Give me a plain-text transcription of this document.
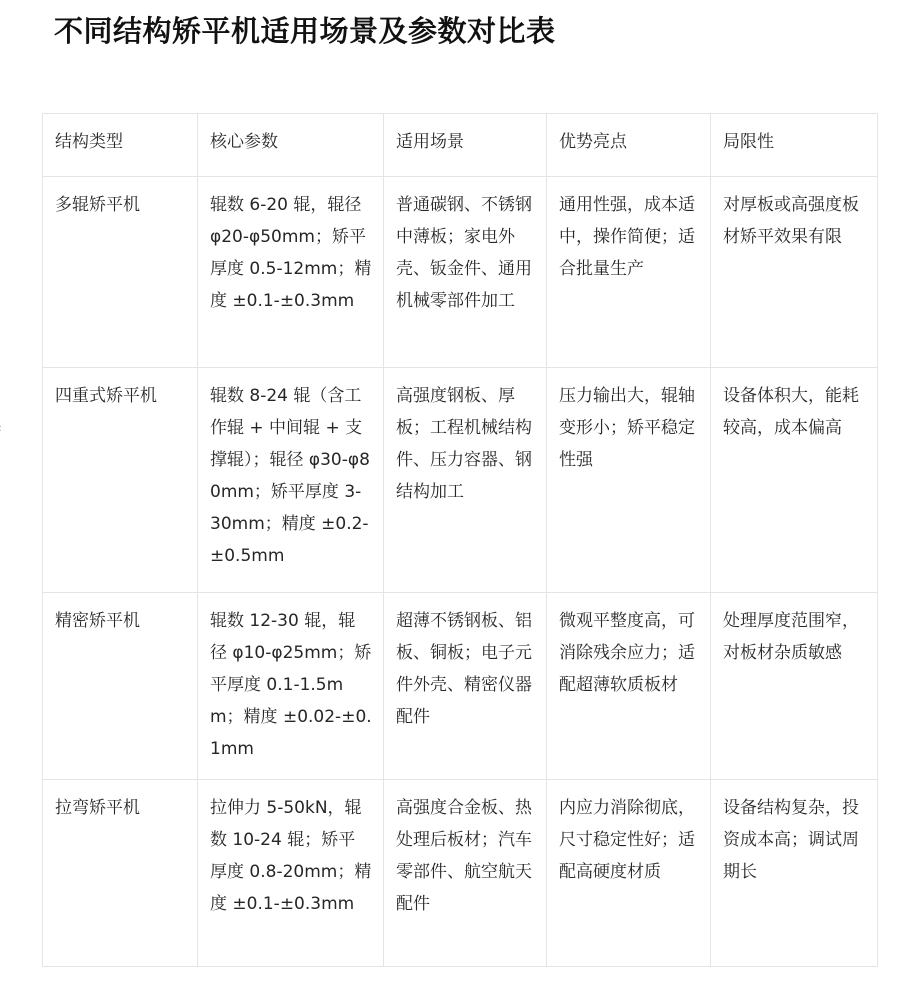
不同结构矫平机适用场景及参数对比表
结构类型	核心参数	适用场景	优势亮点	局限性
多辊矫平机	辊数 6-20 辊，辊径 φ20-φ50mm；矫平厚度 0.5-12mm；精度 ±0.1-±0.3mm	普通碳钢、不锈钢中薄板；家电外壳、钣金件、通用机械零部件加工	通用性强，成本适中，操作简便；适合批量生产	对厚板或高强度板材矫平效果有限
四重式矫平机	辊数 8-24 辊（含工作辊 + 中间辊 + 支撑辊）；辊径 φ30-φ80mm；矫平厚度 3-30mm；精度 ±0.2-±0.5mm	高强度钢板、厚板；工程机械结构件、压力容器、钢结构加工	压力输出大，辊轴变形小；矫平稳定性强	设备体积大，能耗较高，成本偏高
精密矫平机	辊数 12-30 辊，辊径 φ10-φ25mm；矫平厚度 0.1-1.5mm；精度 ±0.02-±0.1mm	超薄不锈钢板、铝板、铜板；电子元件外壳、精密仪器配件	微观平整度高，可消除残余应力；适配超薄软质板材	处理厚度范围窄，对板材杂质敏感
拉弯矫平机	拉伸力 5-50kN，辊数 10-24 辊；矫平厚度 0.8-20mm；精度 ±0.1-±0.3mm	高强度合金板、热处理后板材；汽车零部件、航空航天配件	内应力消除彻底，尺寸稳定性好；适配高硬度材质	设备结构复杂，投资成本高；调试周期长
